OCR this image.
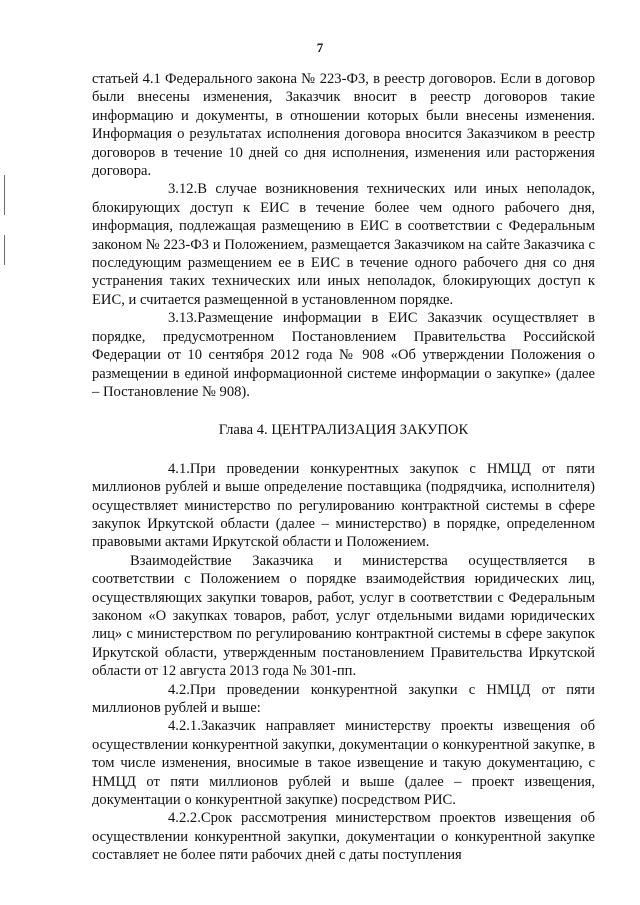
7

статьей 4.1 Федерального закона № 223-ФЗ, в реестр договоров. Если в договор были внесены изменения, Заказчик вносит в реестр договоров такие информацию и документы, в отношении которых были внесены изменения. Информация о результатах исполнения договора вносится Заказчиком в реестр договоров в течение 10 дней со дня исполнения, изменения или расторжения договора.

3.12.В случае возникновения технических или иных неполадок, блокирующих доступ к ЕИС в течение более чем одного рабочего дня, информация, подлежащая размещению в ЕИС в соответствии с Федеральным законом № 223-ФЗ и Положением, размещается Заказчиком на сайте Заказчика с последующим размещением ее в ЕИС в течение одного рабочего дня со дня устранения таких технических или иных неполадок, блокирующих доступ к ЕИС, и считается размещенной в установленном порядке.

3.13.Размещение информации в ЕИС Заказчик осуществляет в порядке, предусмотренном Постановлением Правительства Российской Федерации от 10 сентября 2012 года № 908 «Об утверждении Положения о размещении в единой информационной системе информации о закупке» (далее – Постановление № 908).

Глава 4. ЦЕНТРАЛИЗАЦИЯ ЗАКУПОК

4.1.При проведении конкурентных закупок с НМЦД от пяти миллионов рублей и выше определение поставщика (подрядчика, исполнителя) осуществляет министерство по регулированию контрактной системы в сфере закупок Иркутской области (далее – министерство) в порядке, определенном правовыми актами Иркутской области и Положением.

Взаимодействие Заказчика и министерства осуществляется в соответствии с Положением о порядке взаимодействия юридических лиц, осуществляющих закупки товаров, работ, услуг в соответствии с Федеральным законом «О закупках товаров, работ, услуг отдельными видами юридических лиц» с министерством по регулированию контрактной системы в сфере закупок Иркутской области, утвержденным постановлением Правительства Иркутской области от 12 августа 2013 года № 301-пп.

4.2.При проведении конкурентной закупки с НМЦД от пяти миллионов рублей и выше:

4.2.1.Заказчик направляет министерству проекты извещения об осуществлении конкурентной закупки, документации о конкурентной закупке, в том числе изменения, вносимые в такое извещение и такую документацию, с НМЦД от пяти миллионов рублей и выше (далее – проект извещения, документации о конкурентной закупке) посредством РИС.

4.2.2.Срок рассмотрения министерством проектов извещения об осуществлении конкурентной закупки, документации о конкурентной закупке составляет не более пяти рабочих дней с даты поступления
